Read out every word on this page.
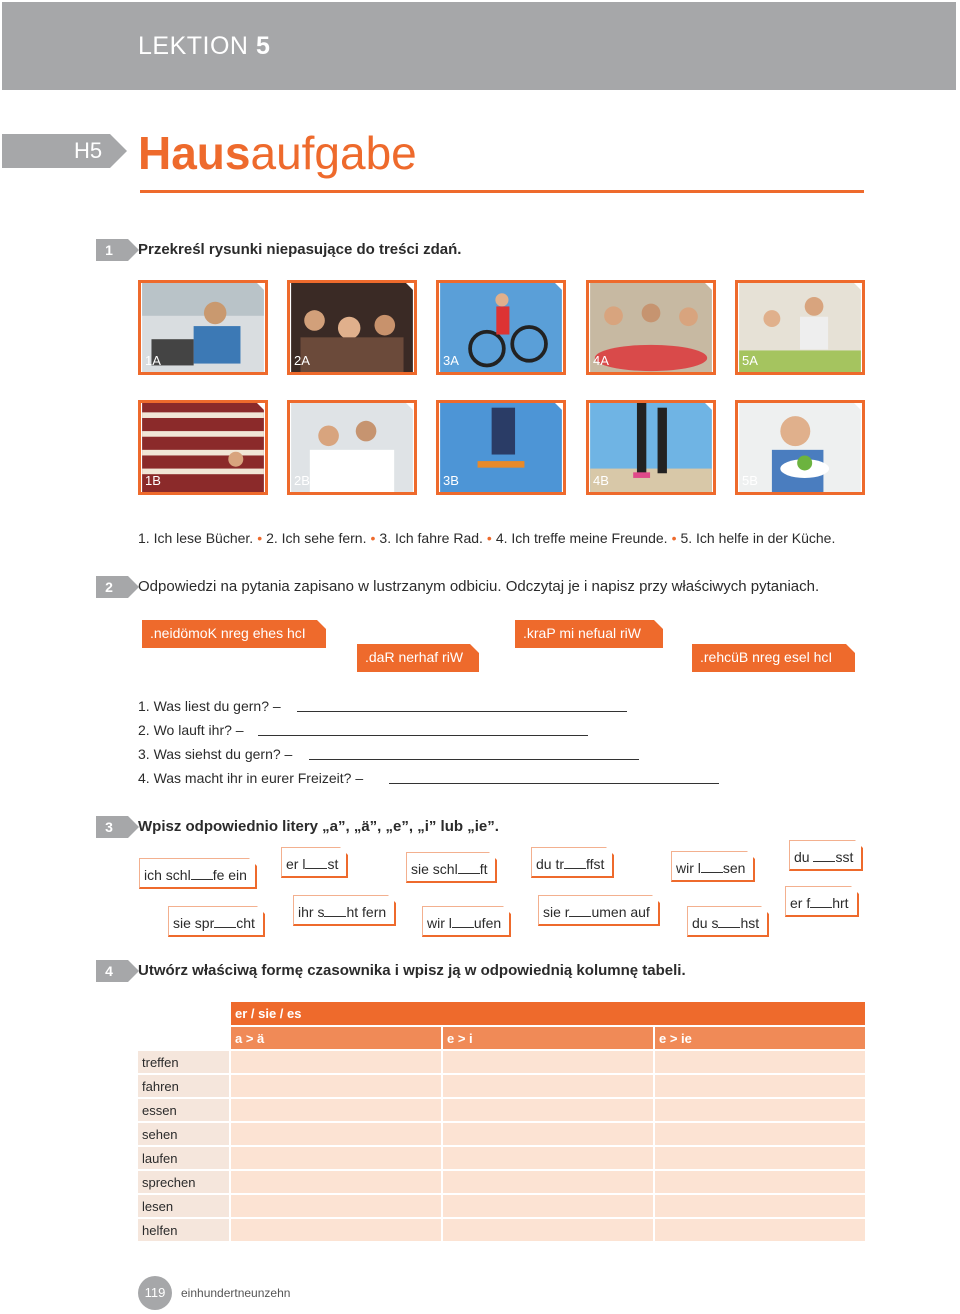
LEKTION 5
H5 Hausaufgabe
1	Przekreśl rysunki niepasujące do treści zdań.
1A	2A	3A	4A	5A
1B	2B	3B	4B	5B
1. Ich lese Bücher. • 2. Ich sehe fern. • 3. Ich fahre Rad. • 4. Ich treffe meine Freunde. • 5. Ich helfe in der Küche.
2	Odpowiedzi na pytania zapisano w lustrzanym odbiciu. Odczytaj je i napisz przy właściwych pytaniach.
.neidömoK nreg ehes hcI
.daR nerhaf riW
.kraP mi nefual riW
.rehcüB nreg esel hcI
1. Was liest du gern? –
2. Wo lauft ihr? –
3. Was siehst du gern? –
4. Was macht ihr in eurer Freizeit? –
3	Wpisz odpowiednio litery „a”, „ä”, „e”, „i” lub „ie”.
ich schl fe ein
er l st	sie schl ft	du tr ffst	wir l sen
du sst
sie spr cht
ihr s ht fern
wir l ufen
sie r umen auf
du s hst
er f hrt
4	Utwórz właściwą formę czasownika i wpisz ją w odpowiednią kolumnę tabeli.
	er / sie / es		
	a > ä	e > i	e > ie
treffen			
fahren			
essen			
sehen			
laufen			
sprechen			
lesen			
helfen			
119	einhundertneunzehn
